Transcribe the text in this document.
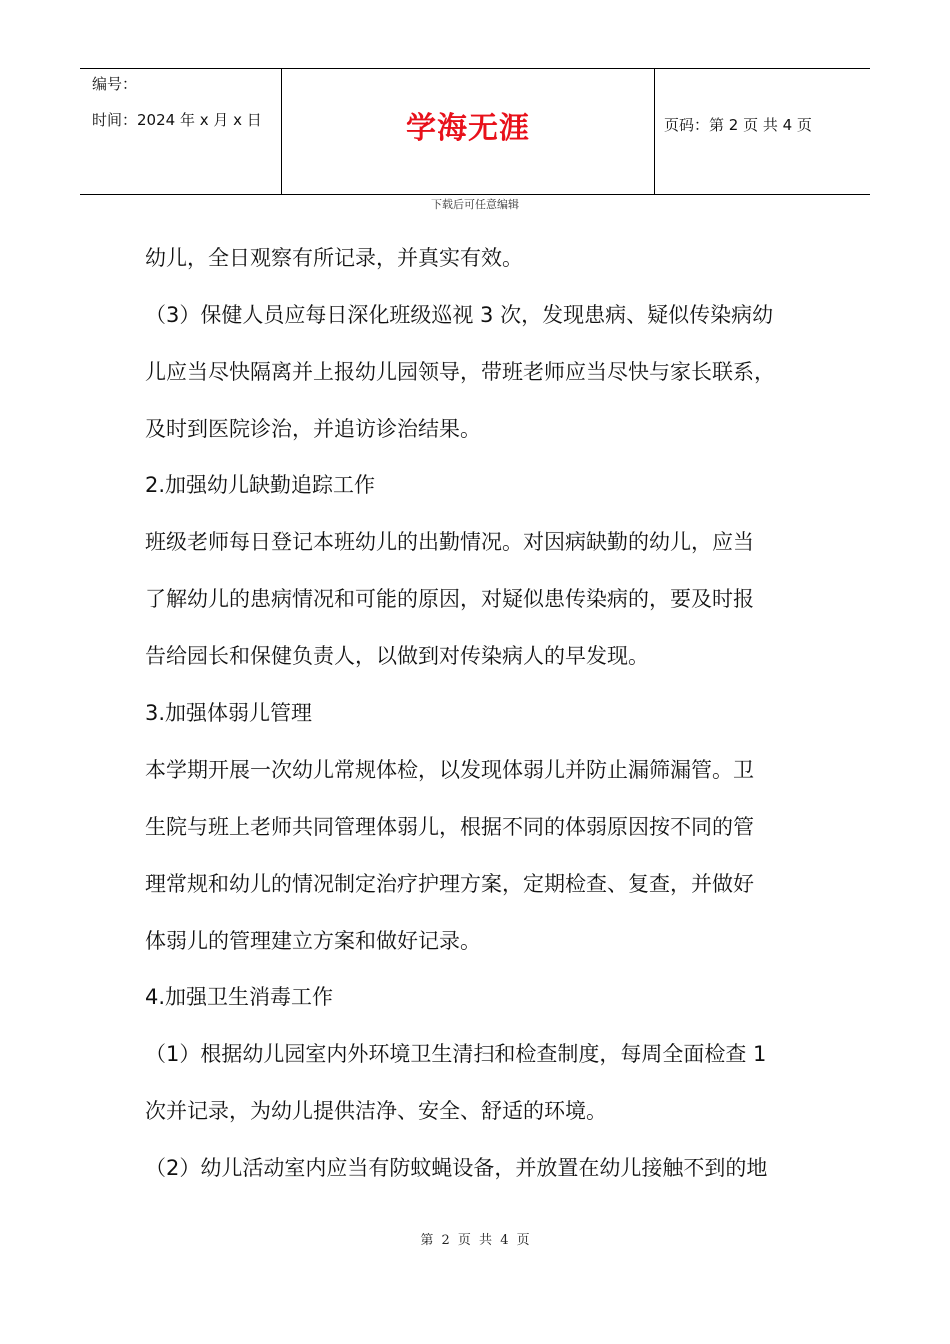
编号：
时间：2024 年 x 月 x 日	学海无涯	页码：第 2 页 共 4 页
下载后可任意编辑
幼儿，全日观察有所记录，并真实有效。
（3）保健人员应每日深化班级巡视 3 次，发现患病、疑似传染病幼
儿应当尽快隔离并上报幼儿园领导，带班老师应当尽快与家长联系，
及时到医院诊治，并追访诊治结果。
2.加强幼儿缺勤追踪工作
班级老师每日登记本班幼儿的出勤情况。对因病缺勤的幼儿，应当
了解幼儿的患病情况和可能的原因，对疑似患传染病的，要及时报
告给园长和保健负责人，以做到对传染病人的早发现。
3.加强体弱儿管理
本学期开展一次幼儿常规体检，以发现体弱儿并防止漏筛漏管。卫
生院与班上老师共同管理体弱儿，根据不同的体弱原因按不同的管
理常规和幼儿的情况制定治疗护理方案，定期检查、复查，并做好
体弱儿的管理建立方案和做好记录。
4.加强卫生消毒工作
（1）根据幼儿园室内外环境卫生清扫和检查制度，每周全面检查 1
次并记录，为幼儿提供洁净、安全、舒适的环境。
（2）幼儿活动室内应当有防蚊蝇设备，并放置在幼儿接触不到的地
第 2 页 共 4 页
